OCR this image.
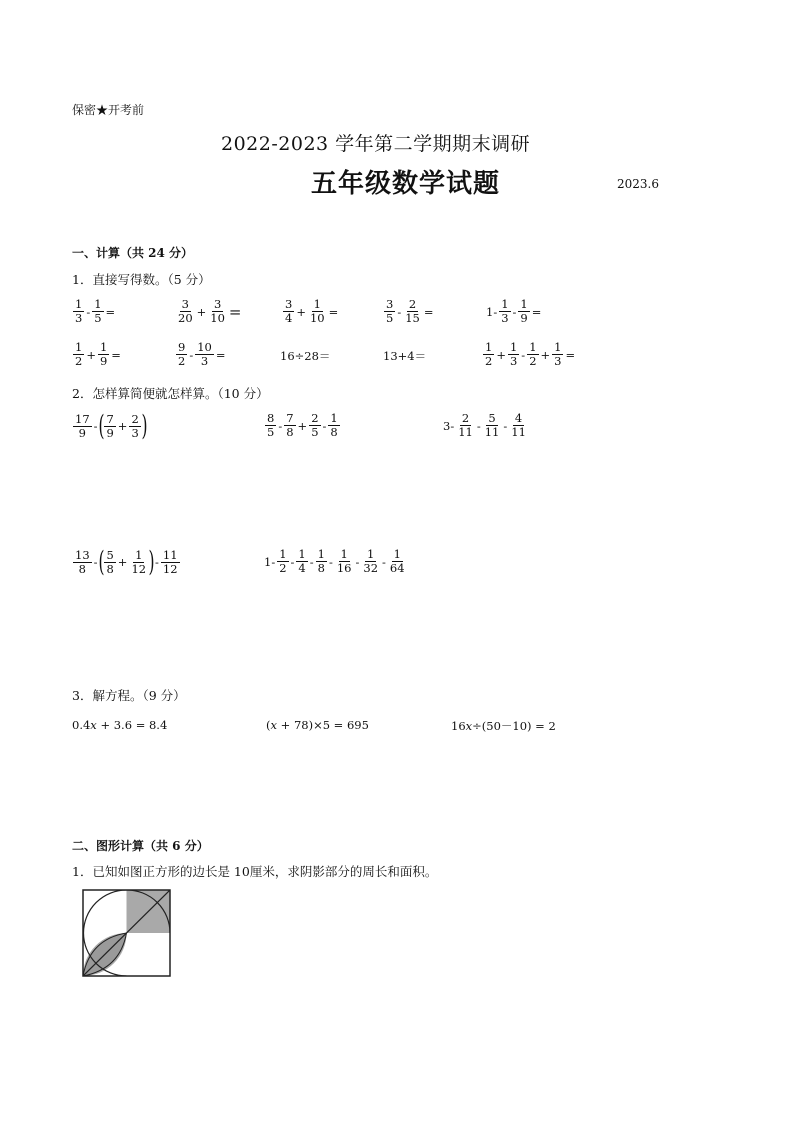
保密★开考前
2022-2023 学年第二学期期末调研
五年级数学试题	2023.6
一、计算（共 24 分）
1．直接写得数。（5 分）
$\frac{1}{3} - \frac{1}{5}$ =	$\frac{3}{20} + \frac{3}{10}$ =	$\frac{3}{4} + \frac{1}{10}$ =	$\frac{3}{5} - \frac{2}{15}$ =	$1- \frac{1}{3} - \frac{1}{9}$ =
$\frac{1}{2} + \frac{1}{9}$ =	$\frac{9}{2} - \frac{10}{3}$ =	16÷28＝	13+4＝	$\frac{1}{2} + \frac{1}{3} - \frac{1}{2} + \frac{1}{3}$ =
2．怎样算简便就怎样算。（10 分）
$\frac{17}{9}$ - ( $\frac{7}{9} + \frac{2}{3}$ )	$\frac{8}{5} - \frac{7}{8} + \frac{2}{5} - \frac{1}{8}$	$3- \frac{2}{11} - \frac{5}{11} - \frac{4}{11}$
$\frac{13}{8}$ - ( $\frac{5}{8} + \frac{1}{12}$ ) - $\frac{11}{12}$	$1- \frac{1}{2} - \frac{1}{4} - \frac{1}{8} - \frac{1}{16} - \frac{1}{32} - \frac{1}{64}$
3．解方程。（9 分）
0.4 x + 3.6 = 8.4	( x + 78)×5 = 695	16 x ÷(50－10) = 2
二、图形计算（共 6 分）
1．已知如图正方形的边长是 10厘米，求阴影部分的周长和面积。
